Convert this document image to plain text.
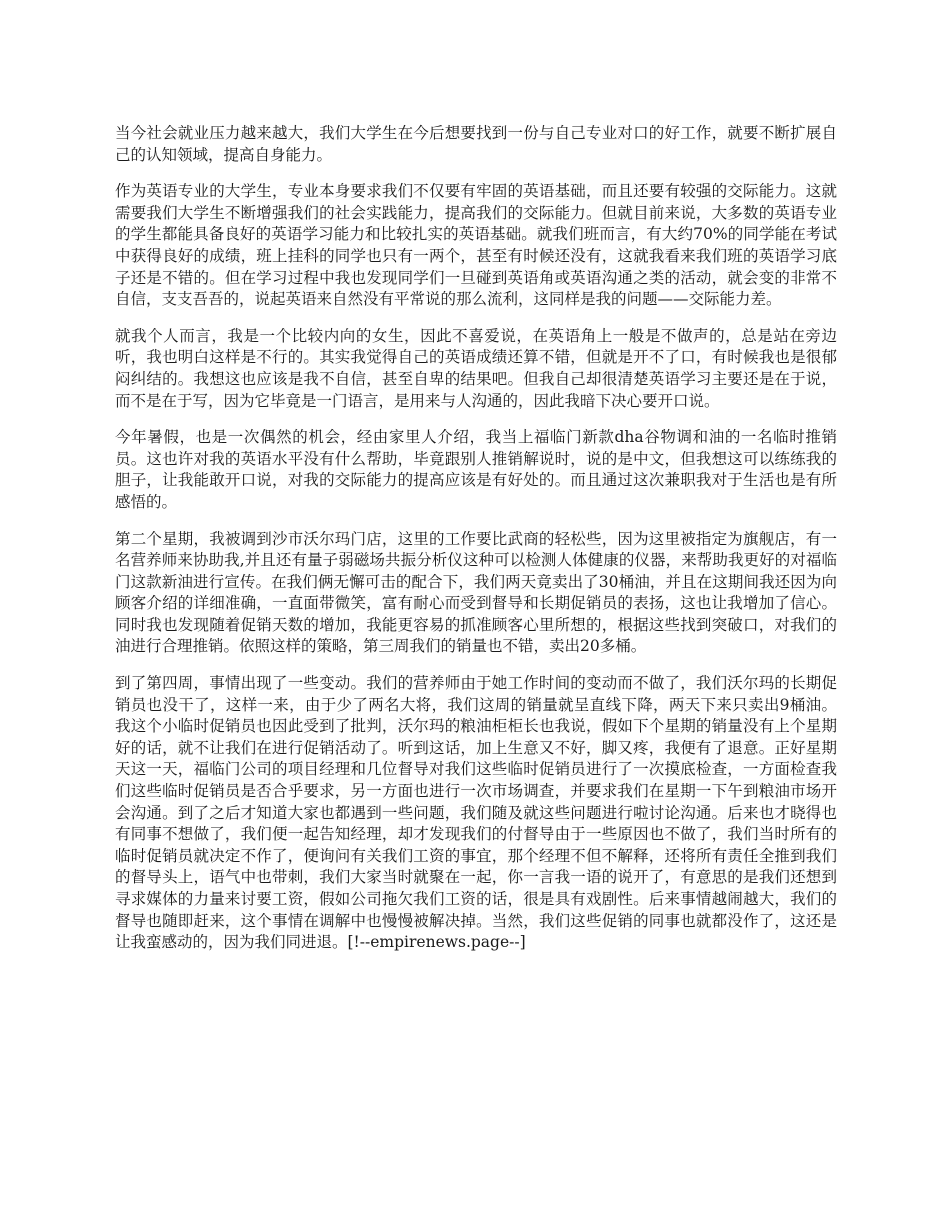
当今社会就业压力越来越大，我们大学生在今后想要找到一份与自己专业对口的好工作，就要不断扩展自己的认知领域，提高自身能力。

作为英语专业的大学生，专业本身要求我们不仅要有牢固的英语基础，而且还要有较强的交际能力。这就需要我们大学生不断增强我们的社会实践能力，提高我们的交际能力。但就目前来说，大多数的英语专业的学生都能具备良好的英语学习能力和比较扎实的英语基础。就我们班而言，有大约70%的同学能在考试中获得良好的成绩，班上挂科的同学也只有一两个，甚至有时候还没有，这就我看来我们班的英语学习底子还是不错的。但在学习过程中我也发现同学们一旦碰到英语角或英语沟通之类的活动，就会变的非常不自信，支支吾吾的，说起英语来自然没有平常说的那么流利，这同样是我的问题——交际能力差。

就我个人而言，我是一个比较内向的女生，因此不喜爱说，在英语角上一般是不做声的，总是站在旁边听，我也明白这样是不行的。其实我觉得自己的英语成绩还算不错，但就是开不了口，有时候我也是很郁闷纠结的。我想这也应该是我不自信，甚至自卑的结果吧。但我自己却很清楚英语学习主要还是在于说，而不是在于写，因为它毕竟是一门语言，是用来与人沟通的，因此我暗下决心要开口说。

今年暑假，也是一次偶然的机会，经由家里人介绍，我当上福临门新款dha谷物调和油的一名临时推销员。这也许对我的英语水平没有什么帮助，毕竟跟别人推销解说时，说的是中文，但我想这可以练练我的胆子，让我能敢开口说，对我的交际能力的提高应该是有好处的。而且通过这次兼职我对于生活也是有所感悟的。

第二个星期，我被调到沙市沃尔玛门店，这里的工作要比武商的轻松些，因为这里被指定为旗舰店，有一名营养师来协助我,并且还有量子弱磁场共振分析仪这种可以检测人体健康的仪器，来帮助我更好的对福临门这款新油进行宣传。在我们俩无懈可击的配合下，我们两天竟卖出了30桶油，并且在这期间我还因为向顾客介绍的详细准确，一直面带微笑，富有耐心而受到督导和长期促销员的表扬，这也让我增加了信心。同时我也发现随着促销天数的增加，我能更容易的抓准顾客心里所想的，根据这些找到突破口，对我们的油进行合理推销。依照这样的策略，第三周我们的销量也不错，卖出20多桶。

到了第四周，事情出现了一些变动。我们的营养师由于她工作时间的变动而不做了，我们沃尔玛的长期促销员也没干了，这样一来，由于少了两名大将，我们这周的销量就呈直线下降，两天下来只卖出9桶油。我这个小临时促销员也因此受到了批判，沃尔玛的粮油柜柜长也我说，假如下个星期的销量没有上个星期好的话，就不让我们在进行促销活动了。听到这话，加上生意又不好，脚又疼，我便有了退意。正好星期天这一天，福临门公司的项目经理和几位督导对我们这些临时促销员进行了一次摸底检查，一方面检查我们这些临时促销员是否合乎要求，另一方面也进行一次市场调查，并要求我们在星期一下午到粮油市场开会沟通。到了之后才知道大家也都遇到一些问题，我们随及就这些问题进行啦讨论沟通。后来也才晓得也有同事不想做了，我们便一起告知经理，却才发现我们的付督导由于一些原因也不做了，我们当时所有的临时促销员就决定不作了，便询问有关我们工资的事宜，那个经理不但不解释，还将所有责任全推到我们的督导头上，语气中也带刺，我们大家当时就聚在一起，你一言我一语的说开了，有意思的是我们还想到寻求媒体的力量来讨要工资，假如公司拖欠我们工资的话，很是具有戏剧性。后来事情越闹越大，我们的督导也随即赶来，这个事情在调解中也慢慢被解决掉。当然，我们这些促销的同事也就都没作了，这还是让我蛮感动的，因为我们同进退。[!--empirenews.page--]
